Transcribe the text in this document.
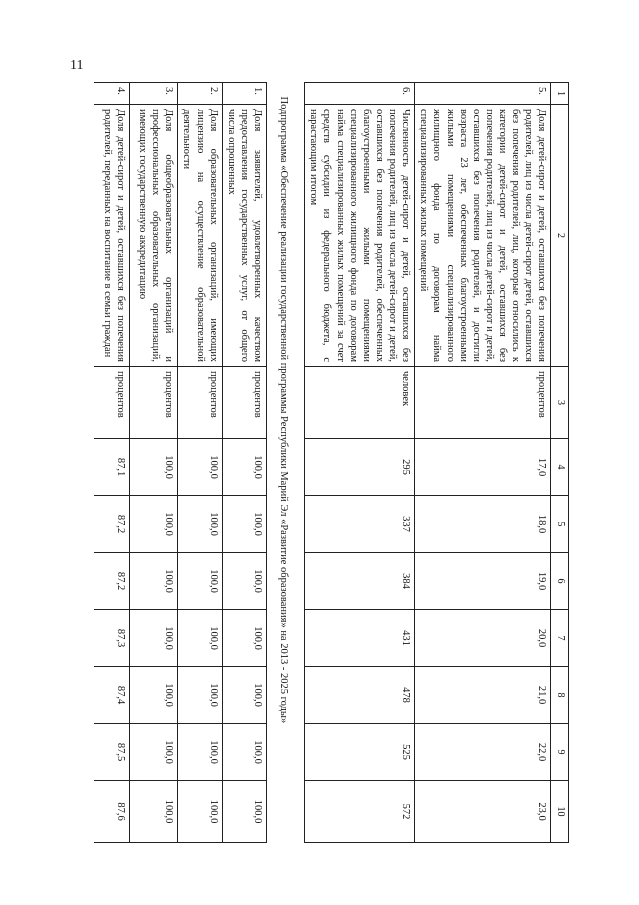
11
1	2	3	4	5	6	7	8	9	10
5.	Доля детей-сирот и детей, оставшихся без попечения родителей, лиц из числа детей-сирот детей, оставшихся без попечения родителей, лиц, которые относились к категории детей-сирот и детей, оставшихся без попечения родителей, лиц из числа детей-сирот и детей, оставшихся без попечения родителей, и достигли возраста 23 лет, обеспеченных благоустроенными жилыми помещениями специализированного жилищного фонда по договорам найма специализированных жилых помещений	процентов	17,0	18,0	19,0	20,0	21,0	22,0	23,0
6.	Численность детей-сирот и детей, оставшихся без попечения родителей, лиц из числа детей-сирот и детей, оставшихся без попечения родителей, обеспеченных благоустроенными жилыми помещениями специализированного жилищного фонда по договорам найма специализированных жилых помещений за счет средств субсидии из федерального бюджета, с нарастающим итогом	человек	295	337	384	431	478	525	572
Подпрограмма «Обеспечение реализации государственной программы Республики Марий Эл «Развитие образования» на 2013 - 2025 годы»									
1.	Доля заявителей, удовлетворенных качеством предоставления государственных услуг, от общего числа опрошенных	процентов	100,0	100,0	100,0	100,0	100,0	100,0	100,0
2.	Доля образовательных организаций, имеющих лицензию на осуществление образовательной деятельности	процентов	100,0	100,0	100,0	100,0	100,0	100,0	100,0
3.	Доля общеобразовательных организаций и профессиональных образовательных организаций, имеющих государственную аккредитацию	процентов	100,0	100,0	100,0	100,0	100,0	100,0	100,0
4.	Доля детей-сирот и детей, оставшихся без попечения родителей, переданных на воспитание в семьи граждан	процентов	87,1	87,2	87,2	87,3	87,4	87,5	87,6
